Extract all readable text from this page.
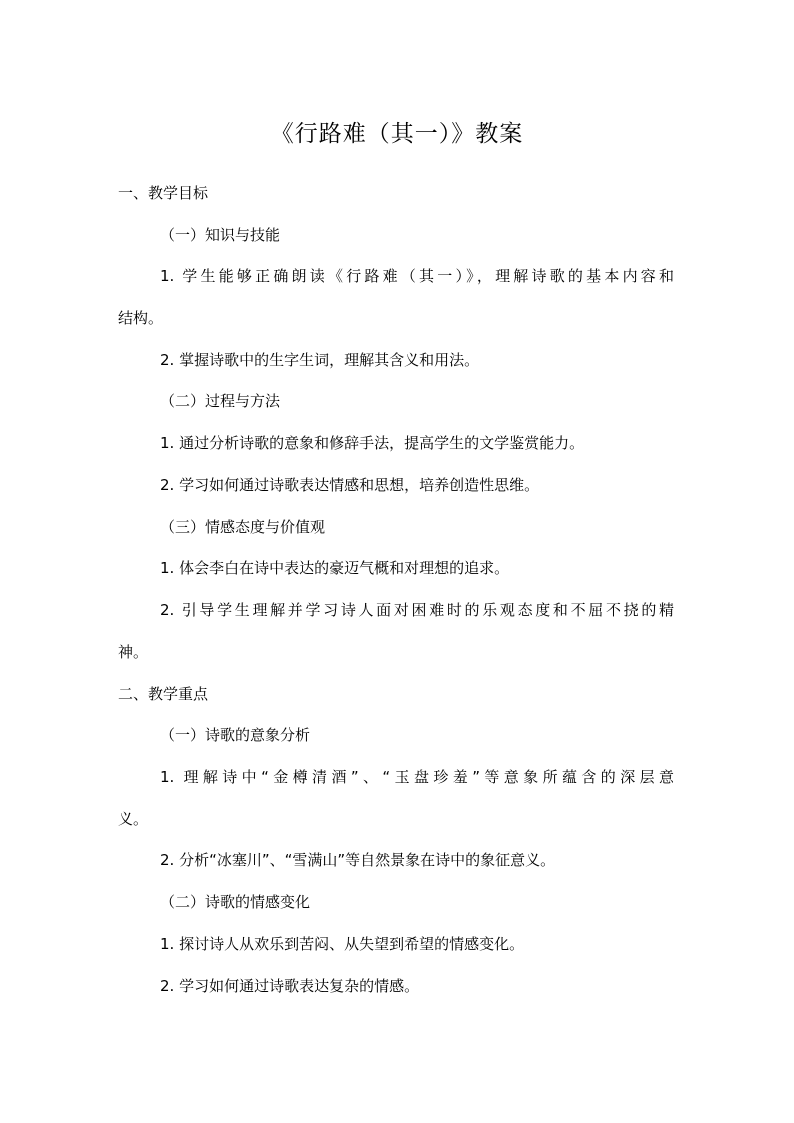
《行路难（其一）》教案
一、教学目标
（一）知识与技能
1. 学生能够正确朗读《行路难（其一）》，理解诗歌的基本内容和
结构。
2. 掌握诗歌中的生字生词，理解其含义和用法。
（二）过程与方法
1. 通过分析诗歌的意象和修辞手法，提高学生的文学鉴赏能力。
2. 学习如何通过诗歌表达情感和思想，培养创造性思维。
（三）情感态度与价值观
1. 体会李白在诗中表达的豪迈气概和对理想的追求。
2. 引导学生理解并学习诗人面对困难时的乐观态度和不屈不挠的精
神。
二、教学重点
（一）诗歌的意象分析
1. 理解诗中“金樽清酒”、“玉盘珍羞”等意象所蕴含的深层意
义。
2. 分析“冰塞川”、“雪满山”等自然景象在诗中的象征意义。
（二）诗歌的情感变化
1. 探讨诗人从欢乐到苦闷、从失望到希望的情感变化。
2. 学习如何通过诗歌表达复杂的情感。
